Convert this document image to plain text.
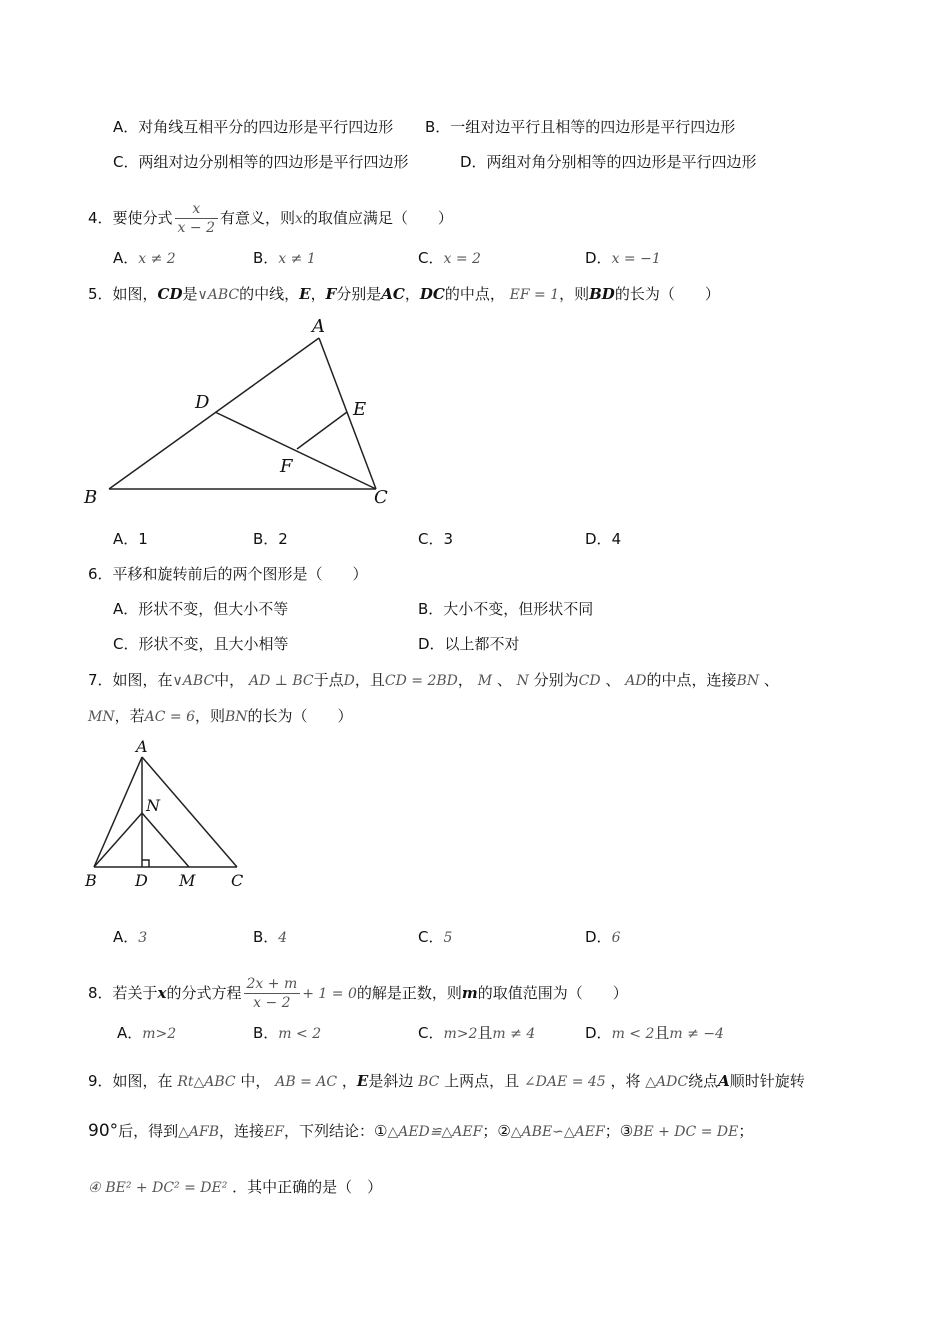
A．对角线互相平分的四边形是平行四边形 B．一组对边平行且相等的四边形是平行四边形
C．两组对边分别相等的四边形是平行四边形	D．两组对角分别相等的四边形是平行四边形
4．要使分式 $\frac{x}{x - 2}$ 有意义，则x的取值应满足（　　）
A．x ≠ 2	B．x ≠ 1	C．x = 2	D．x = −1
5．如图，CD是∨ABC的中线，E，F分别是AC，DC的中点， EF = 1，则BD的长为（　　）
A
B	C
D	E
F
A．1	B．2	C．3	D．4
6．平移和旋转前后的两个图形是（　　）
A．形状不变，但大小不等	B．大小不变，但形状不同
C．形状不变，且大小相等	D．以上都不对
7．如图，在∨ABC中， AD ⊥ BC于点D，且CD = 2BD， M 、 N 分别为CD 、 AD的中点，连接BN 、
MN，若AC = 6，则BN的长为（　　）
A
N
B D M C
A．3	B．4	C．5	D．6
8．若关于x的分式方程 $\frac{2x + m}{x - 2} + 1 = 0$的解是正数，则m的取值范围为（　　）
A．m>2	B．m < 2	C．m>2且m ≠ 4	D．m < 2且m ≠ −4
9．如图，在 Rt△ABC 中， AB = AC ，E是斜边 BC 上两点，且 ∠DAE = 45 ，将 △ADC绕点A顺时针旋转
90°后，得到△AFB，连接EF，下列结论：①△AED≌△AEF；②△ABE∽△AEF；③BE + DC = DE；
④ BE² + DC² = DE² ．其中正确的是（　）
